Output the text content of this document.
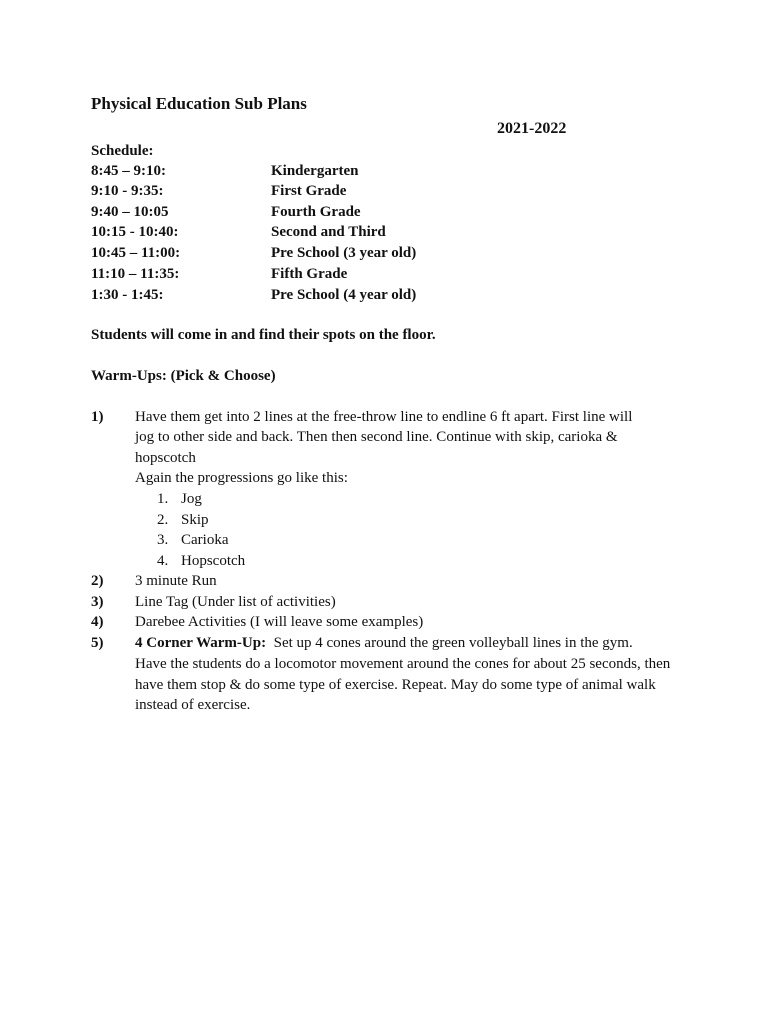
Physical Education Sub Plans
2021-2022
Schedule:
8:45 – 9:10:	Kindergarten
9:10 - 9:35:	First Grade
9:40 – 10:05	Fourth Grade
10:15 - 10:40:	Second and Third
10:45 – 11:00:	Pre School (3 year old)
11:10 – 11:35:	Fifth Grade
1:30 - 1:45:	Pre School (4 year old)
Students will come in and find their spots on the floor.
Warm-Ups: (Pick & Choose)
1) Have them get into 2 lines at the free-throw line to endline 6 ft apart. First line will
jog to other side and back. Then then second line. Continue with skip, carioka &
hopscotch
Again the progressions go like this:
1. Jog
2. Skip
3. Carioka
4. Hopscotch
2) 3 minute Run
3) Line Tag (Under list of activities)
4) Darebee Activities (I will leave some examples)
5) 4 Corner Warm-Up:  Set up 4 cones around the green volleyball lines in the gym.
Have the students do a locomotor movement around the cones for about 25 seconds, then
have them stop & do some type of exercise. Repeat. May do some type of animal walk
instead of exercise.
